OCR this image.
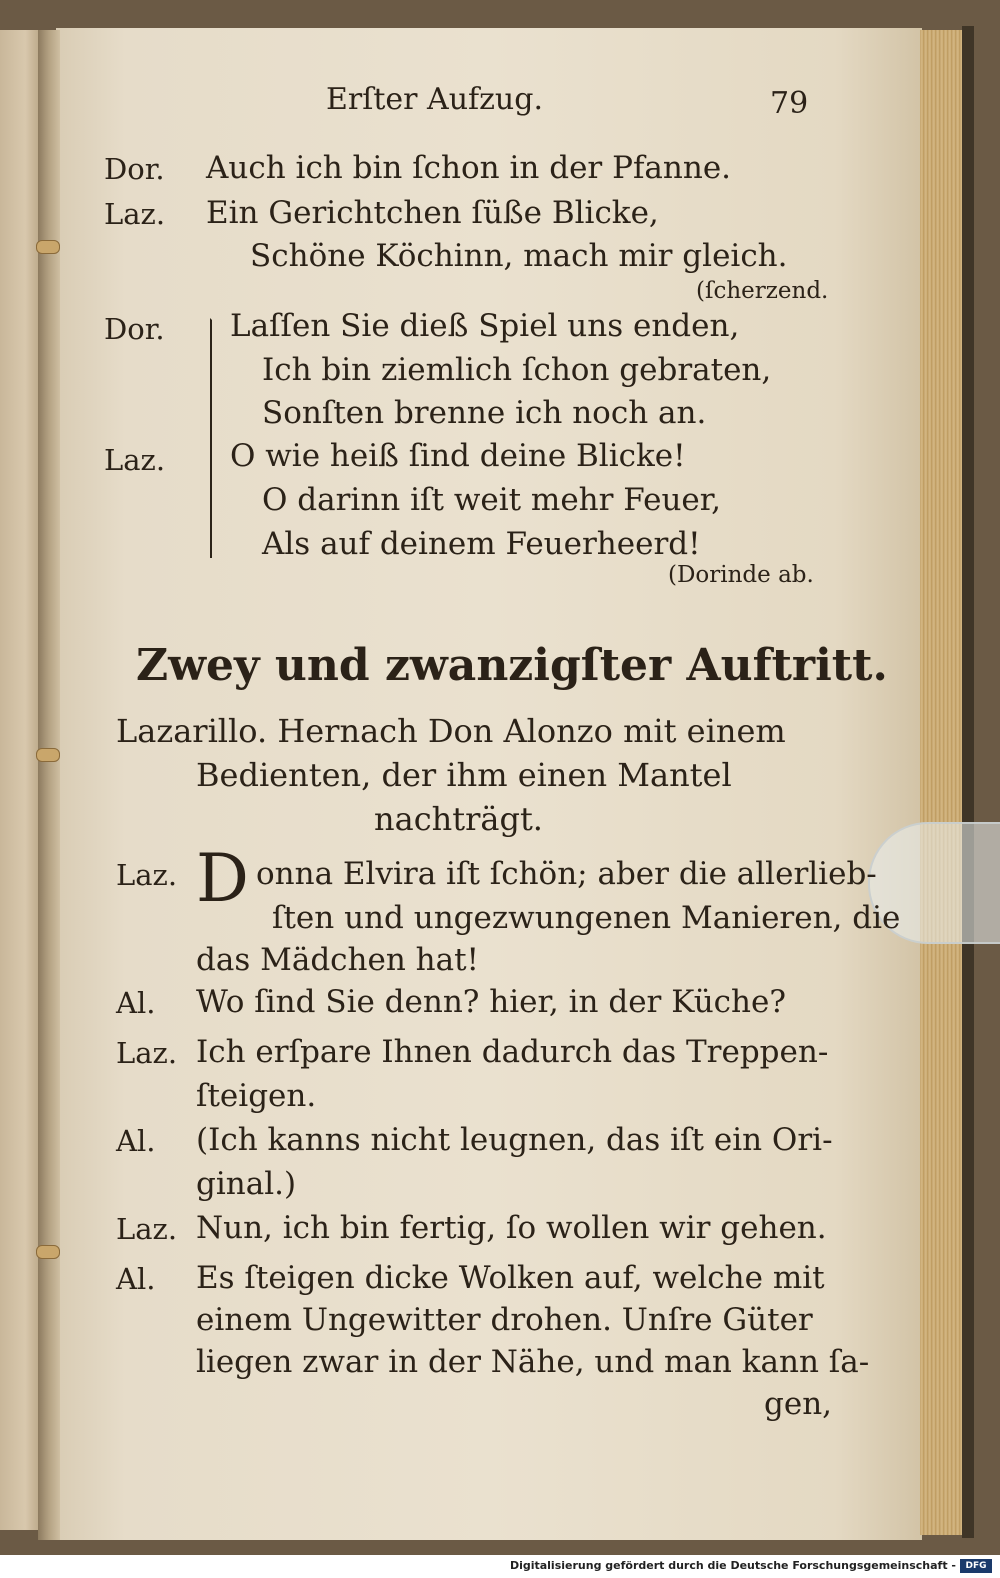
Erſter Aufzug.	79
Dor. Auch ich bin ſchon in der Pfanne.
Laz. Ein Gerichtchen ſüße Blicke,
Schöne Köchinn, mach mir gleich.
(ſcherzend.
Dor.
Laz.
Laſſen Sie dieß Spiel uns enden,
Ich bin ziemlich ſchon gebraten,
Sonſten brenne ich noch an.
O wie heiß ſind deine Blicke!
O darinn iſt weit mehr Feuer,
Als auf deinem Feuerheerd!
(Dorinde ab.
Zwey und zwanzigſter Auftritt.
Lazarillo. Hernach Don Alonzo mit einem
Bedienten, der ihm einen Mantel
nachträgt.
Laz. D onna Elvira iſt ſchön; aber die allerlieb-
ſten und ungezwungenen Manieren, die
das Mädchen hat!
Al. Wo ſind Sie denn? hier, in der Küche?
Laz. Ich erſpare Ihnen dadurch das Treppen-
ſteigen.
Al. (Ich kanns nicht leugnen, das iſt ein Ori-
ginal.)
Laz. Nun, ich bin fertig, ſo wollen wir gehen.
Al. Es ſteigen dicke Wolken auf, welche mit
einem Ungewitter drohen. Unſre Güter
liegen zwar in der Nähe, und man kann ſa-
gen,
Digitalisierung gefördert durch die Deutsche Forschungsgemeinschaft -	DFG
